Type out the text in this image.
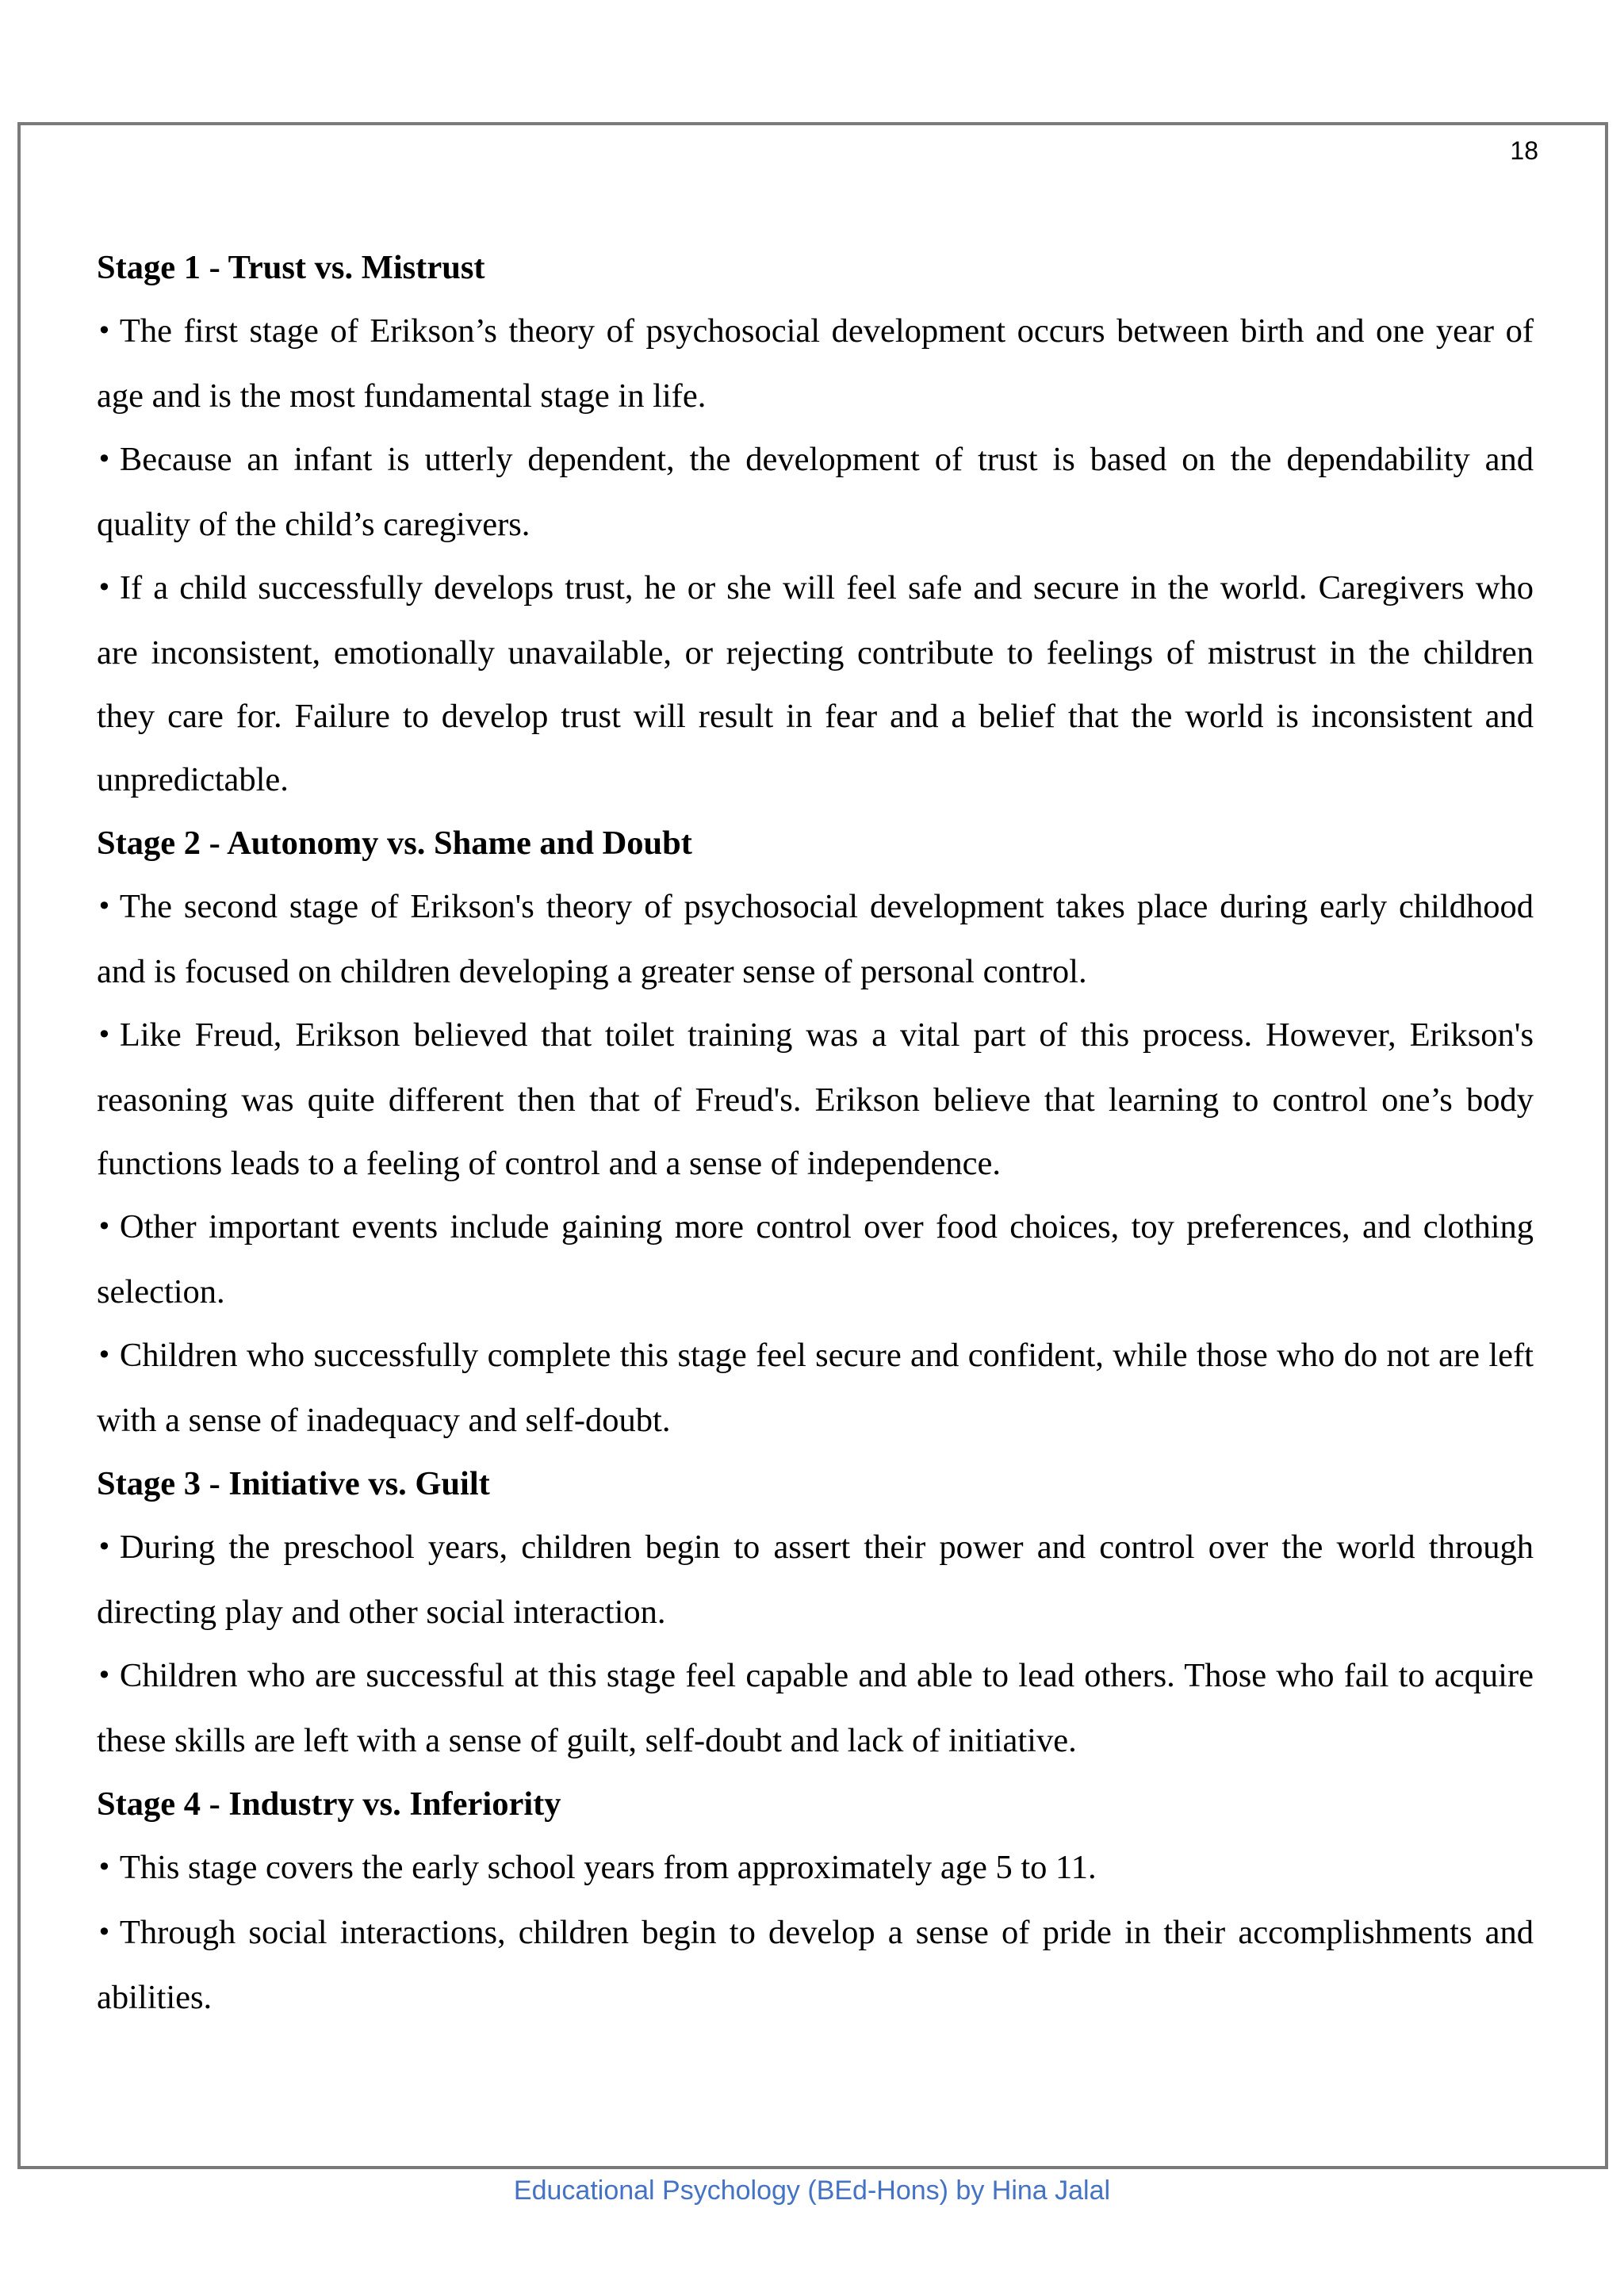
18

Stage 1 - Trust vs. Mistrust

• The first stage of Erikson’s theory of psychosocial development occurs between birth and one year of age and is the most fundamental stage in life.

• Because an infant is utterly dependent, the development of trust is based on the dependability and quality of the child’s caregivers.

• If a child successfully develops trust, he or she will feel safe and secure in the world. Caregivers who are inconsistent, emotionally unavailable, or rejecting contribute to feelings of mistrust in the children they care for. Failure to develop trust will result in fear and a belief that the world is inconsistent and unpredictable.

Stage 2 - Autonomy vs. Shame and Doubt

• The second stage of Erikson's theory of psychosocial development takes place during early childhood and is focused on children developing a greater sense of personal control.

• Like Freud, Erikson believed that toilet training was a vital part of this process. However, Erikson's reasoning was quite different then that of Freud's. Erikson believe that learning to control one’s body functions leads to a feeling of control and a sense of independence.

• Other important events include gaining more control over food choices, toy preferences, and clothing selection.

• Children who successfully complete this stage feel secure and confident, while those who do not are left with a sense of inadequacy and self-doubt.

Stage 3 - Initiative vs. Guilt

• During the preschool years, children begin to assert their power and control over the world through directing play and other social interaction.

• Children who are successful at this stage feel capable and able to lead others. Those who fail to acquire these skills are left with a sense of guilt, self-doubt and lack of initiative.

Stage 4 - Industry vs. Inferiority

• This stage covers the early school years from approximately age 5 to 11.

• Through social interactions, children begin to develop a sense of pride in their accomplishments and abilities.

Educational Psychology (BEd-Hons) by Hina Jalal
